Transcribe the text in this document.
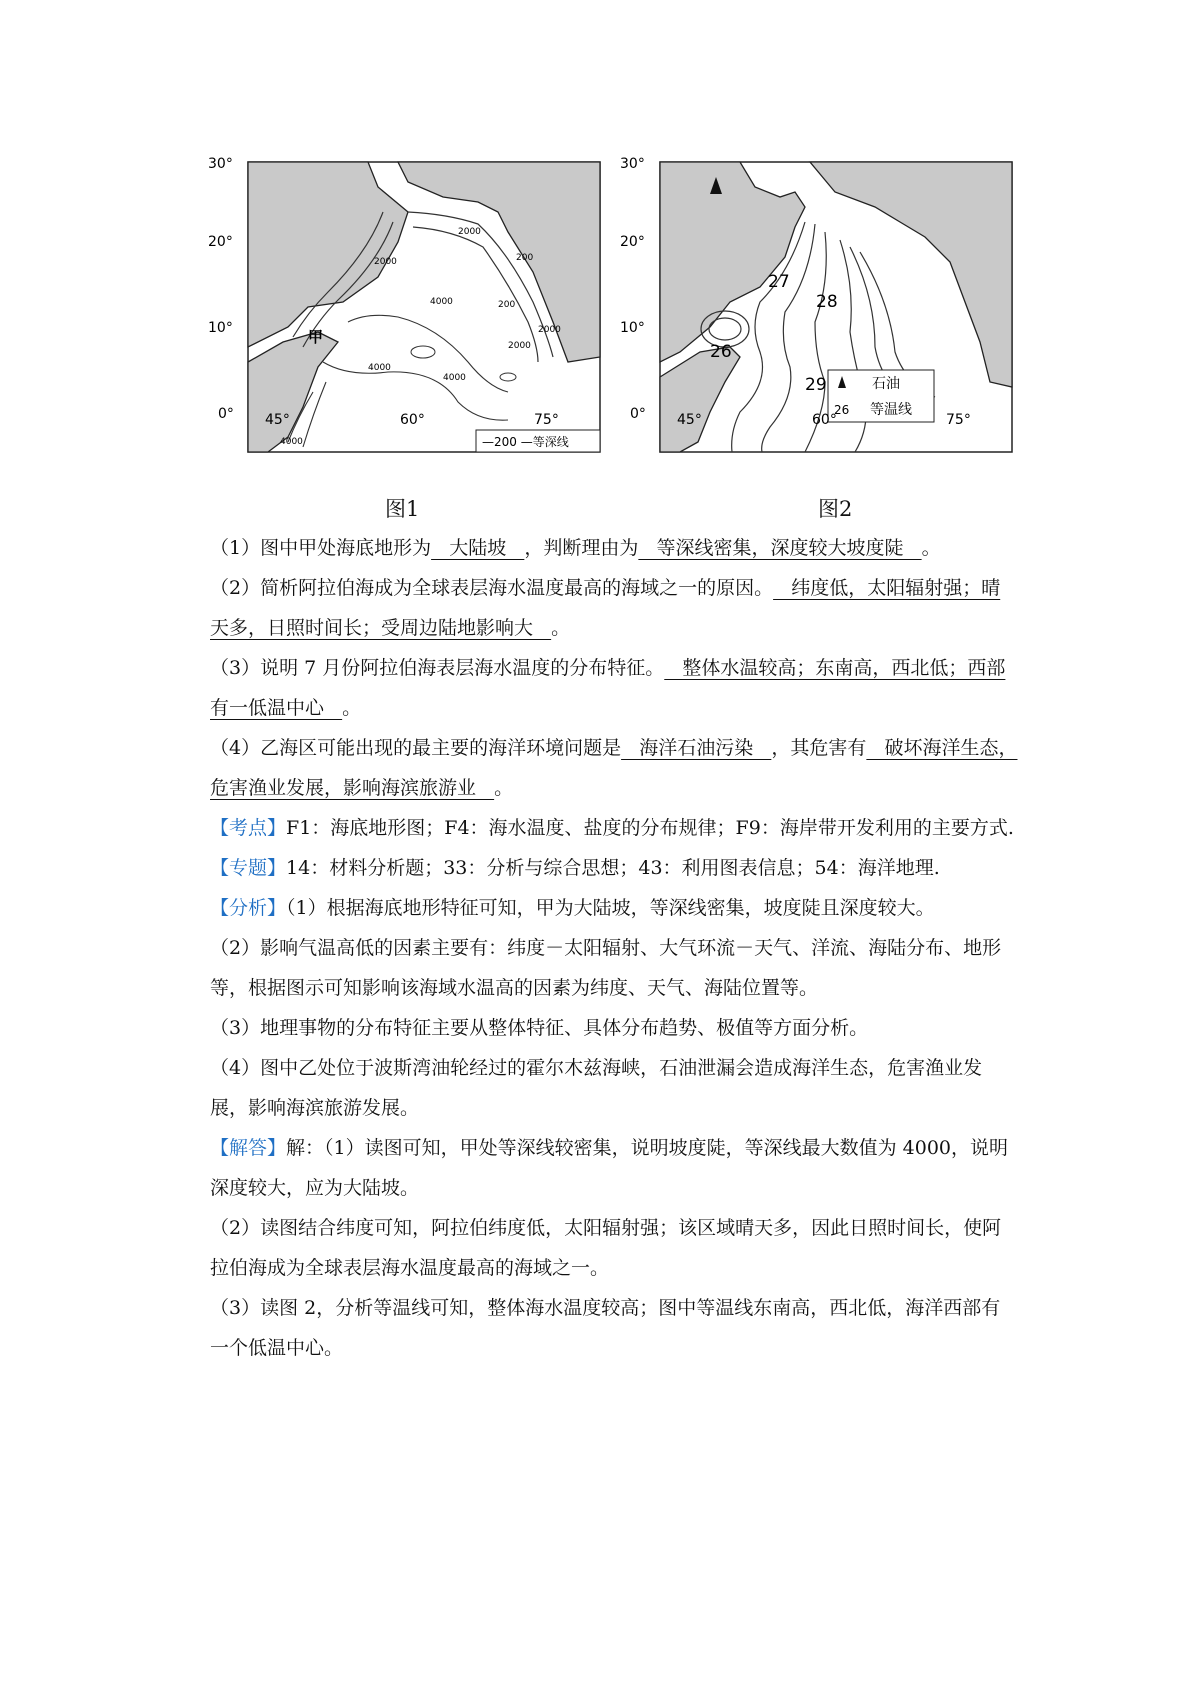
—200 —等深线
2000
2000
200
4000
2000
200
4000
4000
2000
4000
甲
30°
20°
10°
0° 45°	60°	75°
27
28
26
29	石油
26 等温线
30°
20°
10°
0° 45°	60°	75°
图1	图2

（1）图中甲处海底地形为   大陆坡   ，判断理由为   等深线密集，深度较大坡度陡   。

（2）简析阿拉伯海成为全球表层海水温度最高的海域之一的原因。   纬度低，太阳辐射强；晴天多，日照时间长；受周边陆地影响大   。

（3）说明 7 月份阿拉伯海表层海水温度的分布特征。   整体水温较高；东南高，西北低；西部有一低温中心   。

（4）乙海区可能出现的最主要的海洋环境问题是   海洋石油污染   ，其危害有   破坏海洋生态，危害渔业发展，影响海滨旅游业   。

【考点】F1：海底地形图；F4：海水温度、盐度的分布规律；F9：海岸带开发利用的主要方式.

【专题】14：材料分析题；33：分析与综合思想；43：利用图表信息；54：海洋地理.

【分析】（1）根据海底地形特征可知，甲为大陆坡，等深线密集，坡度陡且深度较大。

（2）影响气温高低的因素主要有：纬度－太阳辐射、大气环流－天气、洋流、海陆分布、地形等，根据图示可知影响该海域水温高的因素为纬度、天气、海陆位置等。

（3）地理事物的分布特征主要从整体特征、具体分布趋势、极值等方面分析。

（4）图中乙处位于波斯湾油轮经过的霍尔木兹海峡，石油泄漏会造成海洋生态，危害渔业发展，影响海滨旅游发展。

【解答】解：（1）读图可知，甲处等深线较密集，说明坡度陡，等深线最大数值为 4000，说明深度较大，应为大陆坡。

（2）读图结合纬度可知，阿拉伯纬度低，太阳辐射强；该区域晴天多，因此日照时间长，使阿拉伯海成为全球表层海水温度最高的海域之一。

（3）读图 2，分析等温线可知，整体海水温度较高；图中等温线东南高，西北低，海洋西部有一个低温中心。
